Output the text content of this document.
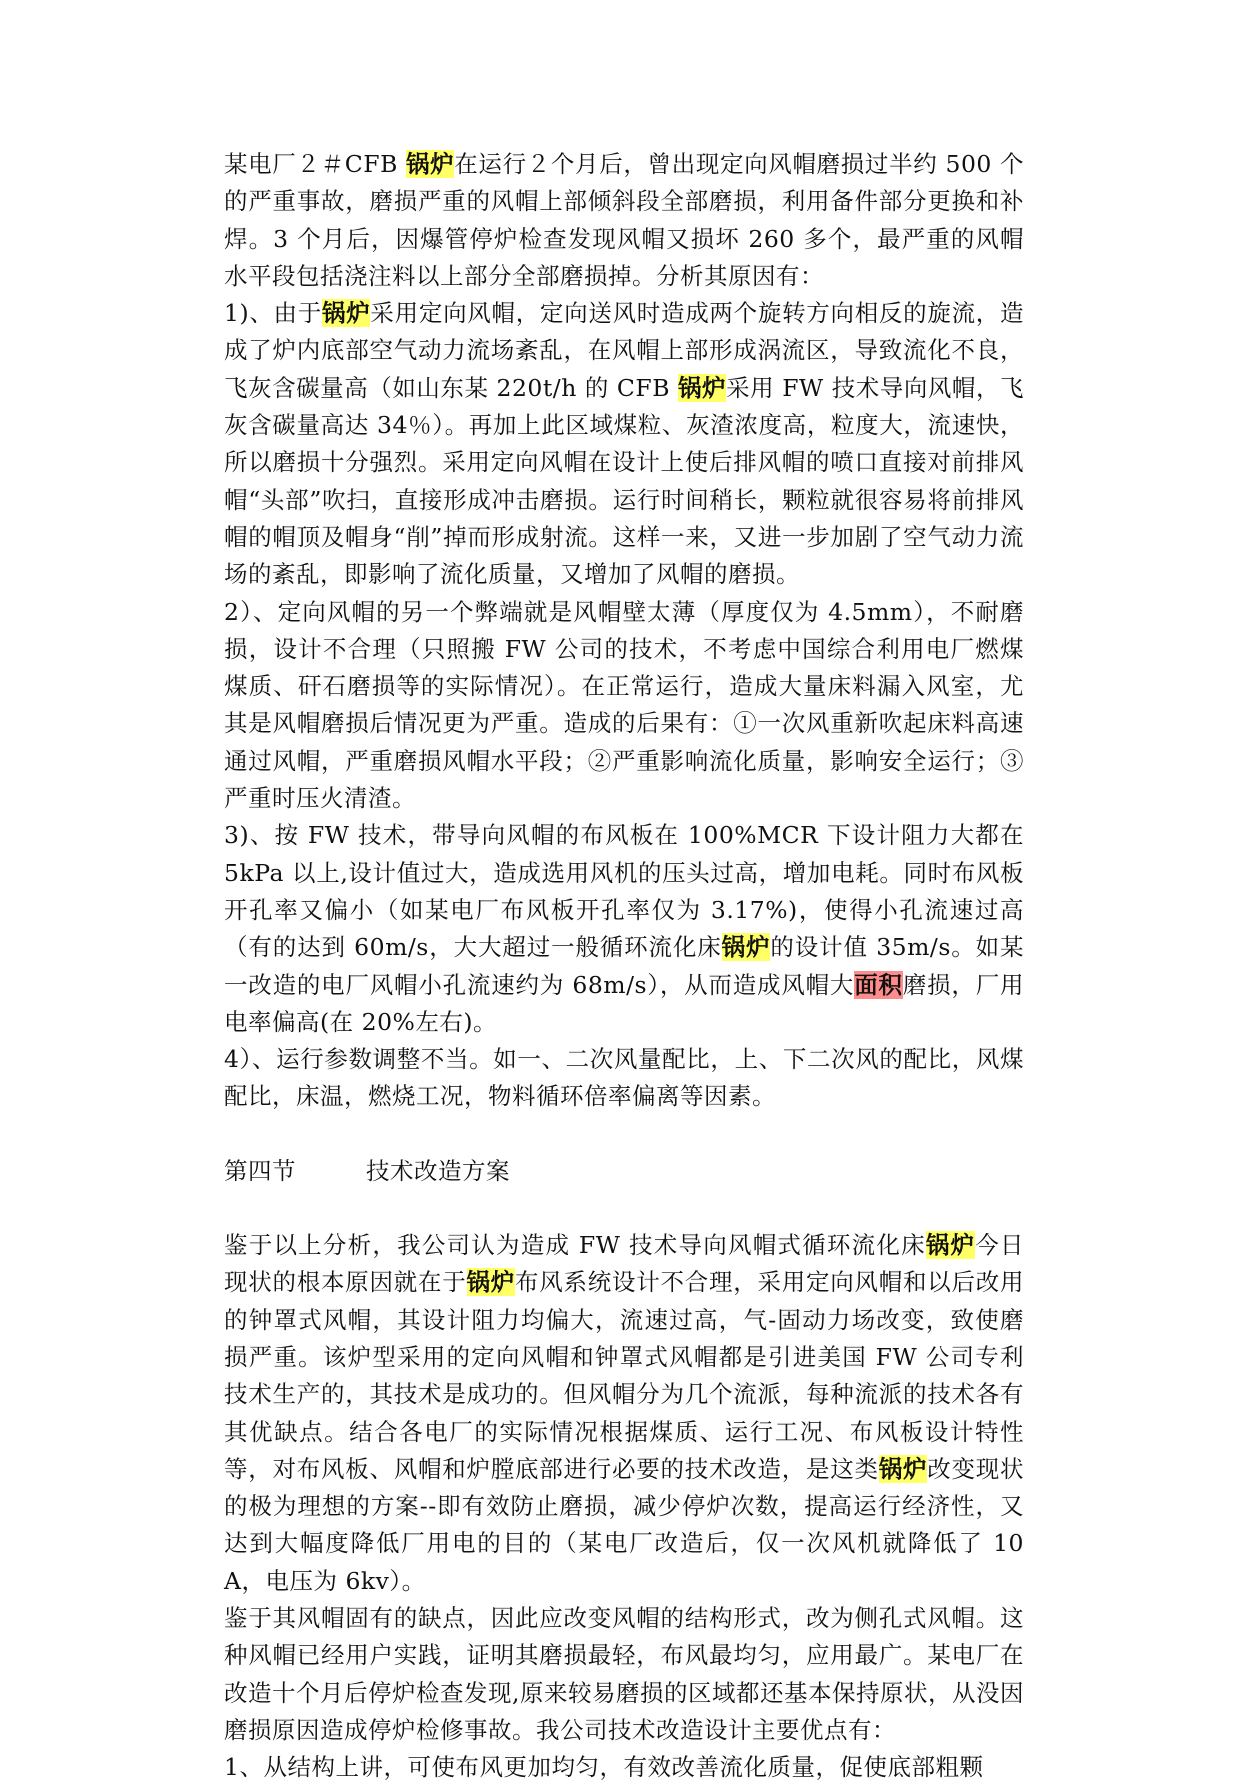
某电厂２＃CFB 锅炉在运行２个月后，曾出现定向风帽磨损过半约 500 个的严重事故，磨损严重的风帽上部倾斜段全部磨损，利用备件部分更换和补焊。3 个月后，因爆管停炉检查发现风帽又损坏 260 多个，最严重的风帽水平段包括浇注料以上部分全部磨损掉。分析其原因有：

1)、由于锅炉采用定向风帽，定向送风时造成两个旋转方向相反的旋流，造成了炉内底部空气动力流场紊乱，在风帽上部形成涡流区，导致流化不良，飞灰含碳量高（如山东某 220t/h 的 CFB 锅炉采用 FW 技术导向风帽，飞灰含碳量高达 34％）。再加上此区域煤粒、灰渣浓度高，粒度大，流速快，所以磨损十分强烈。采用定向风帽在设计上使后排风帽的喷口直接对前排风帽“头部”吹扫，直接形成冲击磨损。运行时间稍长，颗粒就很容易将前排风帽的帽顶及帽身“削”掉而形成射流。这样一来，又进一步加剧了空气动力流场的紊乱，即影响了流化质量，又增加了风帽的磨损。

2）、定向风帽的另一个弊端就是风帽壁太薄（厚度仅为 4.5mm），不耐磨损，设计不合理（只照搬 FW 公司的技术，不考虑中国综合利用电厂燃煤煤质、矸石磨损等的实际情况）。在正常运行，造成大量床料漏入风室，尤其是风帽磨损后情况更为严重。造成的后果有：①一次风重新吹起床料高速通过风帽，严重磨损风帽水平段；②严重影响流化质量，影响安全运行；③严重时压火清渣。

3)、按 FW 技术，带导向风帽的布风板在 100%MCR 下设计阻力大都在 5kPa 以上,设计值过大，造成选用风机的压头过高，增加电耗。同时布风板开孔率又偏小（如某电厂布风板开孔率仅为 3.17%)，使得小孔流速过高（有的达到 60m/s，大大超过一般循环流化床锅炉的设计值 35m/s。如某一改造的电厂风帽小孔流速约为 68m/s），从而造成风帽大面积磨损，厂用电率偏高(在 20%左右)。

4）、运行参数调整不当。如一、二次风量配比，上、下二次风的配比，风煤配比，床温，燃烧工况，物料循环倍率偏离等因素。

第四节	技术改造方案

鉴于以上分析，我公司认为造成 FW 技术导向风帽式循环流化床锅炉今日现状的根本原因就在于锅炉布风系统设计不合理，采用定向风帽和以后改用的钟罩式风帽，其设计阻力均偏大，流速过高，气-固动力场改变，致使磨损严重。该炉型采用的定向风帽和钟罩式风帽都是引进美国 FW 公司专利技术生产的，其技术是成功的。但风帽分为几个流派，每种流派的技术各有其优缺点。结合各电厂的实际情况根据煤质、运行工况、布风板设计特性等，对布风板、风帽和炉膛底部进行必要的技术改造，是这类锅炉改变现状的极为理想的方案--即有效防止磨损，减少停炉次数，提高运行经济性，又达到大幅度降低厂用电的目的（某电厂改造后，仅一次风机就降低了 10A，电压为 6kv）。

鉴于其风帽固有的缺点，因此应改变风帽的结构形式，改为侧孔式风帽。这种风帽已经用户实践，证明其磨损最轻，布风最均匀，应用最广。某电厂在改造十个月后停炉检查发现,原来较易磨损的区域都还基本保持原状，从没因磨损原因造成停炉检修事故。我公司技术改造设计主要优点有：

1、从结构上讲，可使布风更加均匀，有效改善流化质量，促使底部粗颗
